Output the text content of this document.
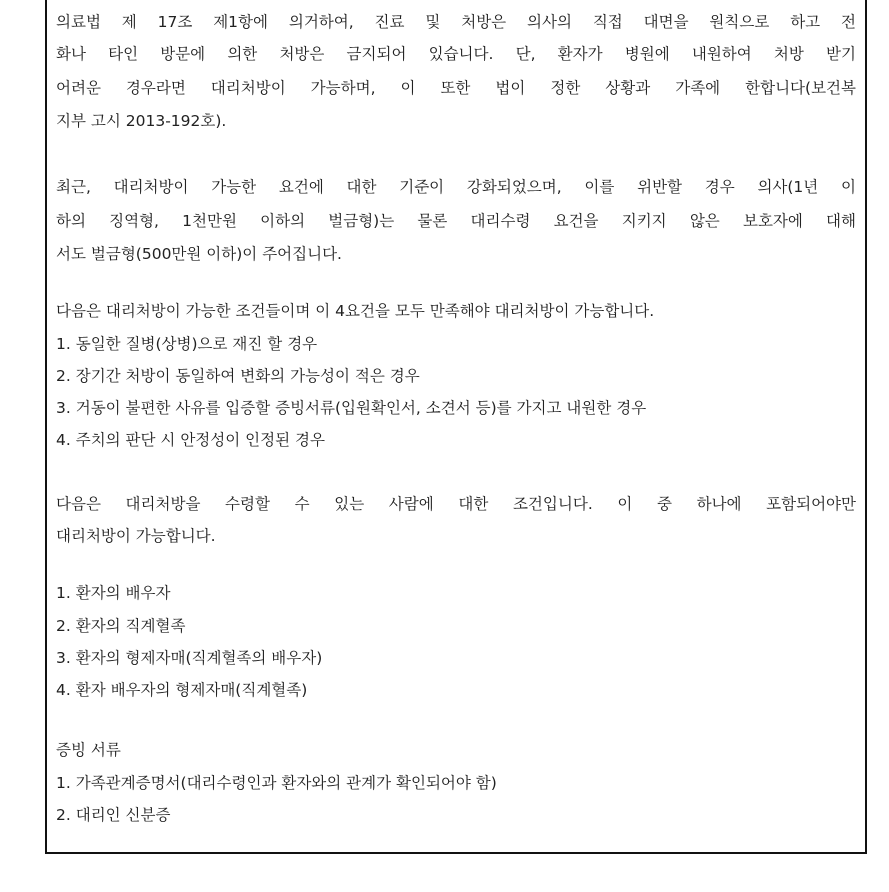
의료법 제 17조 제1항에 의거하여, 진료 및 처방은 의사의 직접 대면을 원칙으로 하고 전
화나 타인 방문에 의한 처방은 금지되어 있습니다. 단, 환자가 병원에 내원하여 처방 받기
어려운 경우라면 대리처방이 가능하며, 이 또한 법이 정한 상황과 가족에 한합니다(보건복
지부 고시 2013-192호).
최근, 대리처방이 가능한 요건에 대한 기준이 강화되었으며, 이를 위반할 경우 의사(1년 이
하의 징역형, 1천만원 이하의 벌금형)는 물론 대리수령 요건을 지키지 않은 보호자에 대해
서도 벌금형(500만원 이하)이 주어집니다.
다음은 대리처방이 가능한 조건들이며 이 4요건을 모두 만족해야 대리처방이 가능합니다.
1. 동일한 질병(상병)으로 재진 할 경우
2. 장기간 처방이 동일하여 변화의 가능성이 적은 경우
3. 거동이 불편한 사유를 입증할 증빙서류(입원확인서, 소견서 등)를 가지고 내원한 경우
4. 주치의 판단 시 안정성이 인정된 경우
다음은 대리처방을 수령할 수 있는 사람에 대한 조건입니다. 이 중 하나에 포함되어야만
대리처방이 가능합니다.
1. 환자의 배우자
2. 환자의 직계혈족
3. 환자의 형제자매(직계혈족의 배우자)
4. 환자 배우자의 형제자매(직계혈족)
증빙 서류
1. 가족관계증명서(대리수령인과 환자와의 관계가 확인되어야 함)
2. 대리인 신분증
